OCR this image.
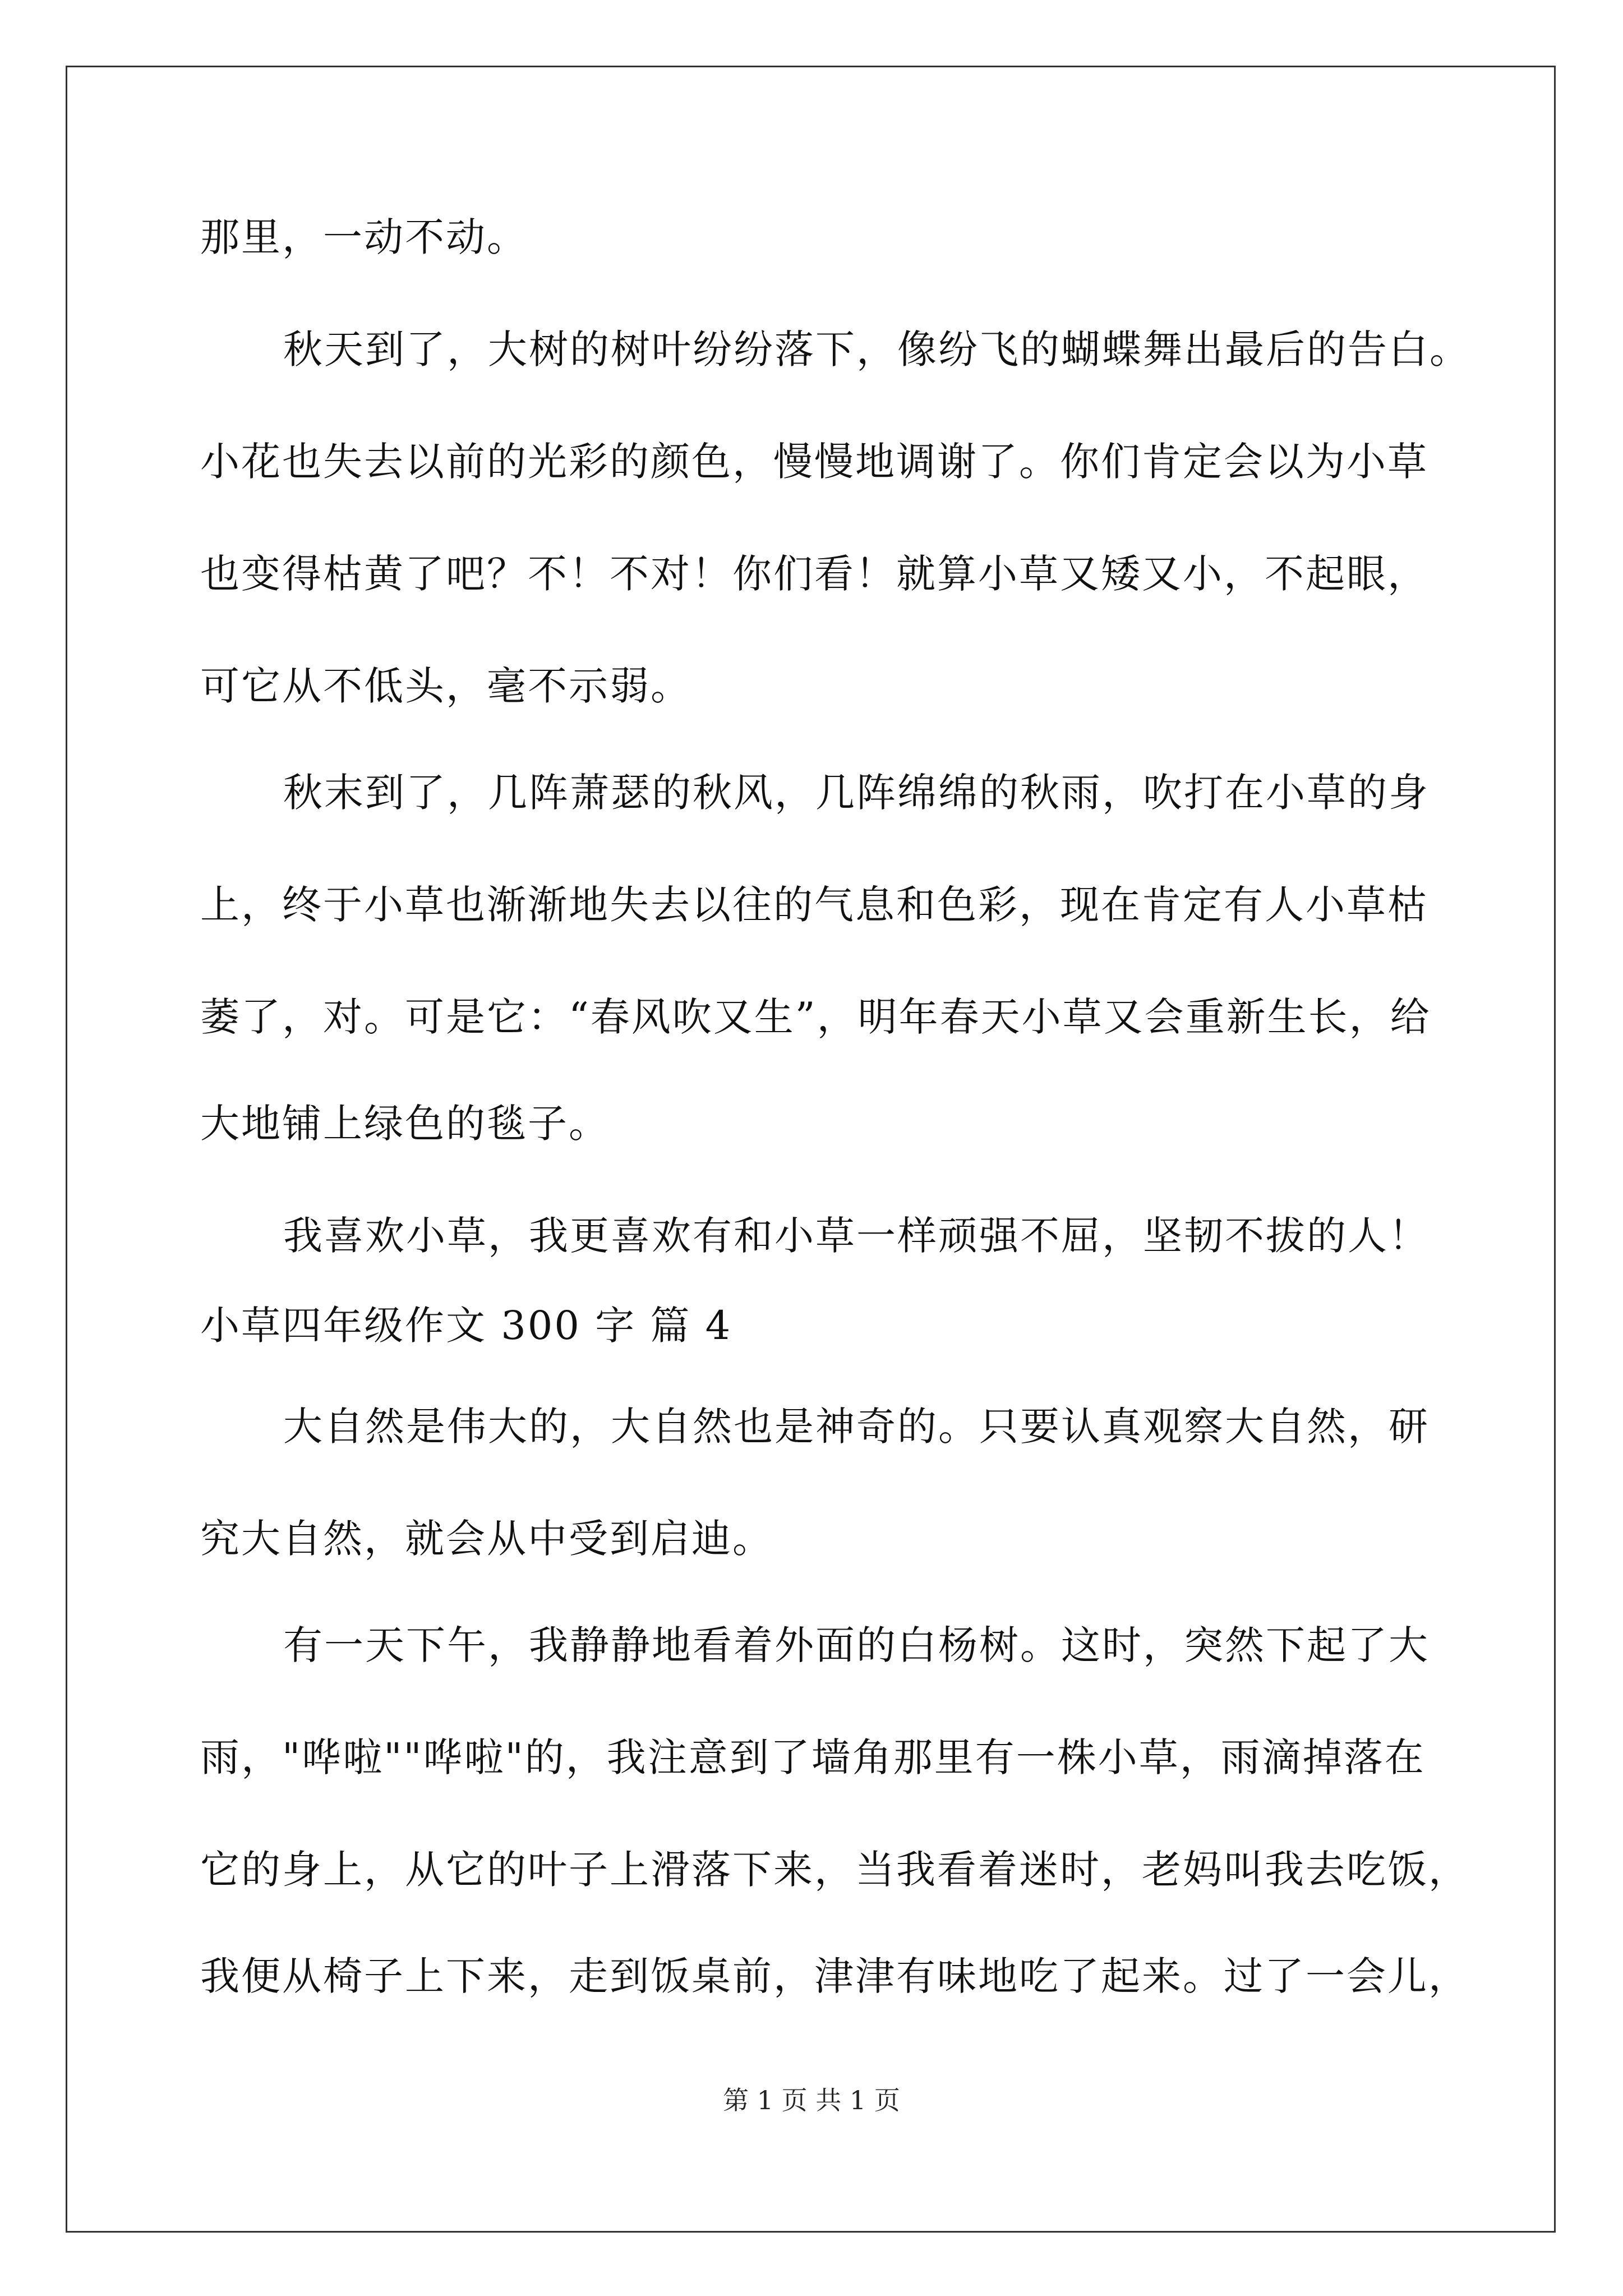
那里，一动不动。
秋天到了，大树的树叶纷纷落下，像纷飞的蝴蝶舞出最后的告白。
小花也失去以前的光彩的颜色，慢慢地调谢了。你们肯定会以为小草
也变得枯黄了吧？不！不对！你们看！就算小草又矮又小，不起眼，
可它从不低头，毫不示弱。
秋末到了，几阵萧瑟的秋风，几阵绵绵的秋雨，吹打在小草的身
上，终于小草也渐渐地失去以往的气息和色彩，现在肯定有人小草枯
萎了，对。可是它：“春风吹又生”，明年春天小草又会重新生长，给
大地铺上绿色的毯子。
我喜欢小草，我更喜欢有和小草一样顽强不屈，坚韧不拔的人！
小草四年级作文 300 字 篇 4
大自然是伟大的，大自然也是神奇的。只要认真观察大自然，研
究大自然，就会从中受到启迪。
有一天下午，我静静地看着外面的白杨树。这时，突然下起了大
雨，"哗啦""哗啦"的，我注意到了墙角那里有一株小草，雨滴掉落在
它的身上，从它的叶子上滑落下来，当我看着迷时，老妈叫我去吃饭，
我便从椅子上下来，走到饭桌前，津津有味地吃了起来。过了一会儿，
第 1 页 共 1 页
